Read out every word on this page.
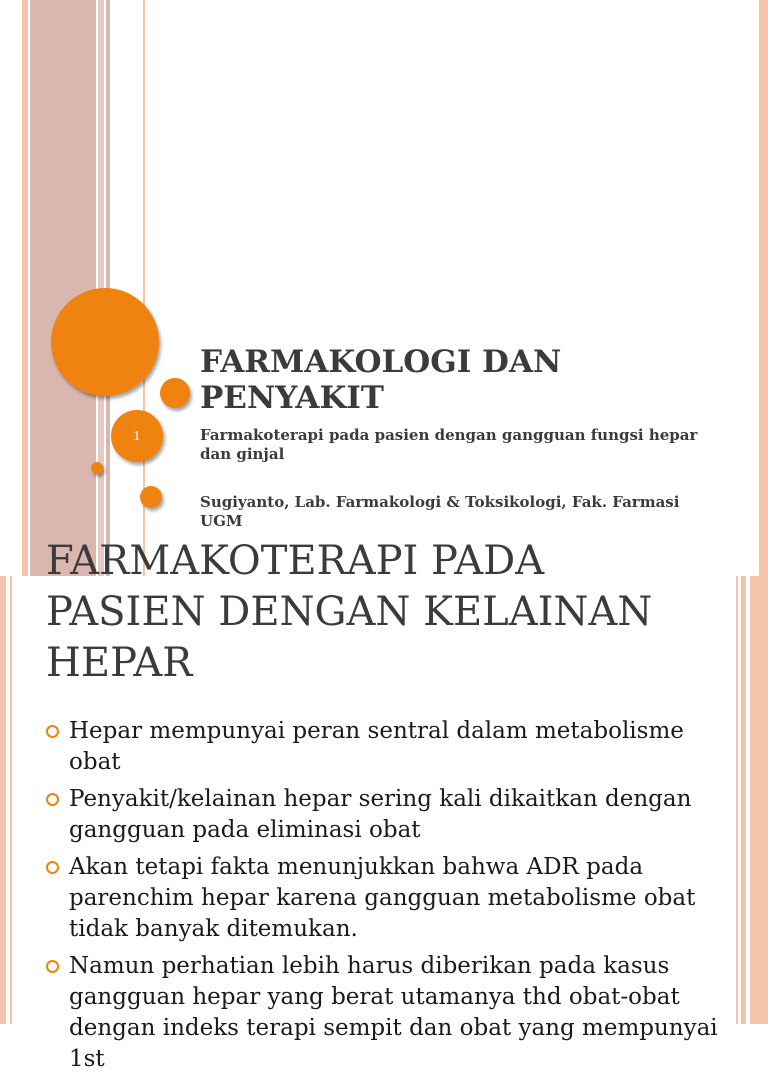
1
FARMAKOLOGI DAN
PENYAKIT

Farmakoterapi pada pasien dengan gangguan fungsi hepar dan ginjal

Sugiyanto, Lab. Farmakologi & Toksikologi, Fak. Farmasi UGM

FARMAKOTERAPI PADA
PASIEN DENGAN KELAINAN
HEPAR
Hepar mempunyai peran sentral dalam metabolisme obat
Penyakit/kelainan hepar sering kali dikaitkan dengan gangguan pada eliminasi obat
Akan tetapi fakta menunjukkan bahwa ADR pada parenchim hepar karena gangguan metabolisme obat tidak banyak ditemukan.
Namun perhatian lebih harus diberikan pada kasus gangguan hepar yang berat utamanya thd obat-obat dengan indeks terapi sempit dan obat yang mempunyai 1st
